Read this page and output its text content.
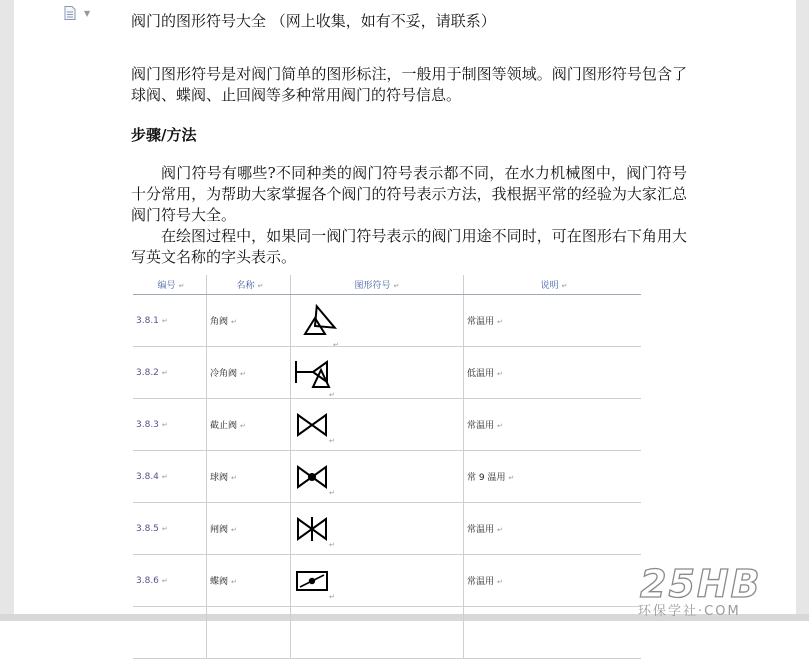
▼	阀门的图形符号大全 （网上收集，如有不妥，请联系）
阀门图形符号是对阀门简单的图形标注，一般用于制图等领域。阀门图形符号包含了球阀、蝶阀、止回阀等多种常用阀门的符号信息。
步骤/方法
阀门符号有哪些?不同种类的阀门符号表示都不同，在水力机械图中，阀门符号十分常用，为帮助大家掌握各个阀门的符号表示方法，我根据平常的经验为大家汇总阀门符号大全。
在绘图过程中，如果同一阀门符号表示的阀门用途不同时，可在图形右下角用大写英文名称的字头表示。
编号 ↵	名称 ↵	图形符号 ↵	说明 ↵
3.8.1 ↵	角阀 ↵	↵	常温用 ↵
3.8.2 ↵	冷角阀 ↵	↵	低温用 ↵
3.8.3 ↵	截止阀 ↵	↵	常温用 ↵
3.8.4 ↵	球阀 ↵	↵	常 9 温用 ↵
3.8.5 ↵	闸阀 ↵	↵	常温用 ↵
3.8.6 ↵	蝶阀 ↵	↵	常温用 ↵
				25HB
环保学社·COM
